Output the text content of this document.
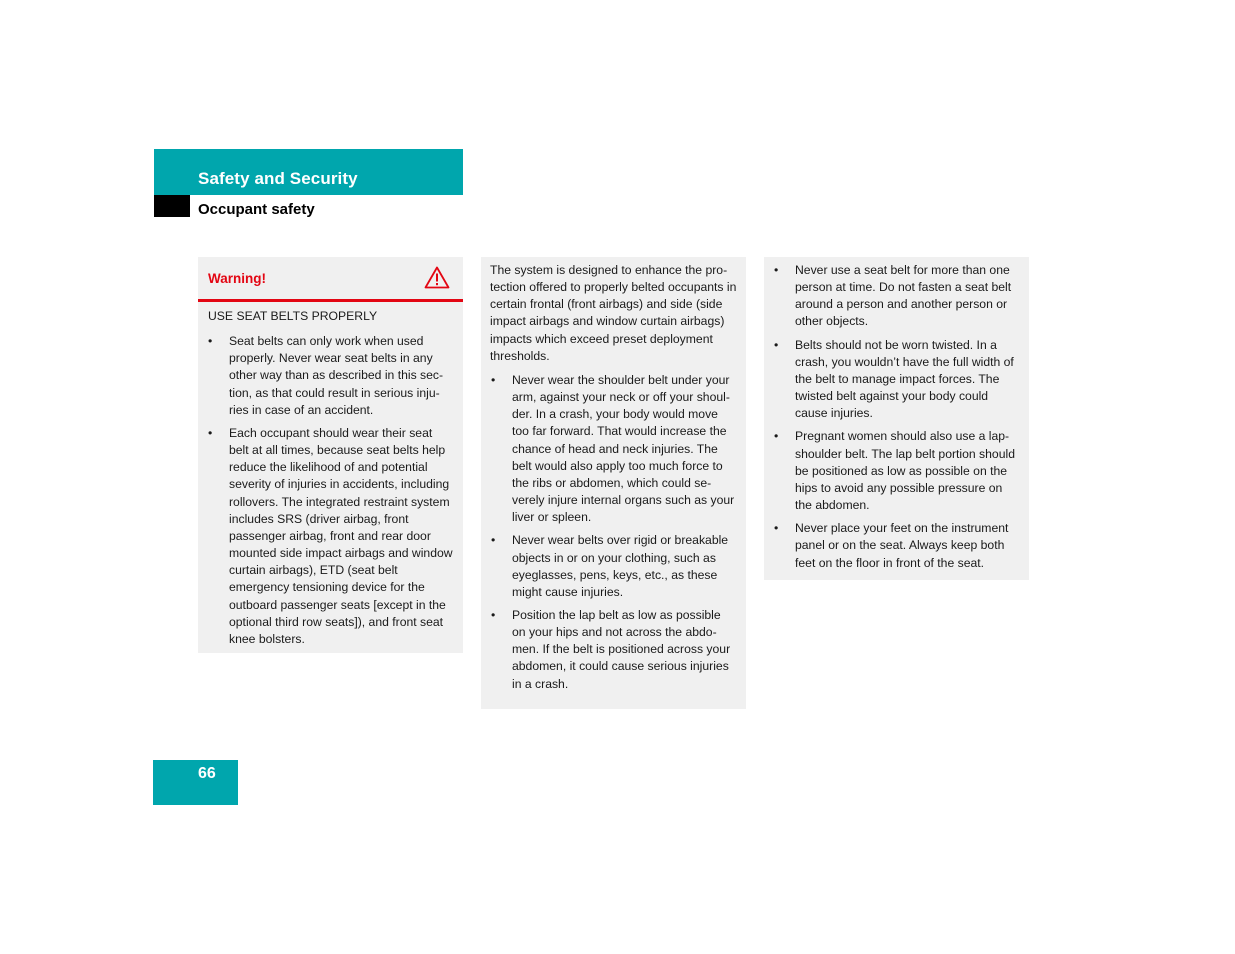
Safety and Security
Occupant safety
Warning!
USE SEAT BELTS PROPERLY
• Seat belts can only work when used properly. Never wear seat belts in any other way than as described in this section, as that could result in serious injuries in case of an accident.
• Each occupant should wear their seat belt at all times, because seat belts help reduce the likelihood of and potential severity of injuries in accidents, including rollovers. The integrated restraint system includes SRS (driver airbag, front passenger airbag, front and rear door mounted side impact airbags and window curtain airbags), ETD (seat belt emergency tensioning device for the outboard passenger seats [except in the optional third row seats]), and front seat knee bolsters.
The system is designed to enhance the protection offered to properly belted occupants in certain frontal (front airbags) and side (side impact airbags and window curtain airbags) impacts which exceed preset deployment thresholds.
• Never wear the shoulder belt under your arm, against your neck or off your shoulder. In a crash, your body would move too far forward. That would increase the chance of head and neck injuries. The belt would also apply too much force to the ribs or abdomen, which could severely injure internal organs such as your liver or spleen.
• Never wear belts over rigid or breakable objects in or on your clothing, such as eyeglasses, pens, keys, etc., as these might cause injuries.
• Position the lap belt as low as possible on your hips and not across the abdomen. If the belt is positioned across your abdomen, it could cause serious injuries in a crash.
• Never use a seat belt for more than one person at time. Do not fasten a seat belt around a person and another person or other objects.
• Belts should not be worn twisted. In a crash, you wouldn’t have the full width of the belt to manage impact forces. The twisted belt against your body could cause injuries.
• Pregnant women should also use a lap-shoulder belt. The lap belt portion should be positioned as low as possible on the hips to avoid any possible pressure on the abdomen.
• Never place your feet on the instrument panel or on the seat. Always keep both feet on the floor in front of the seat.
66
